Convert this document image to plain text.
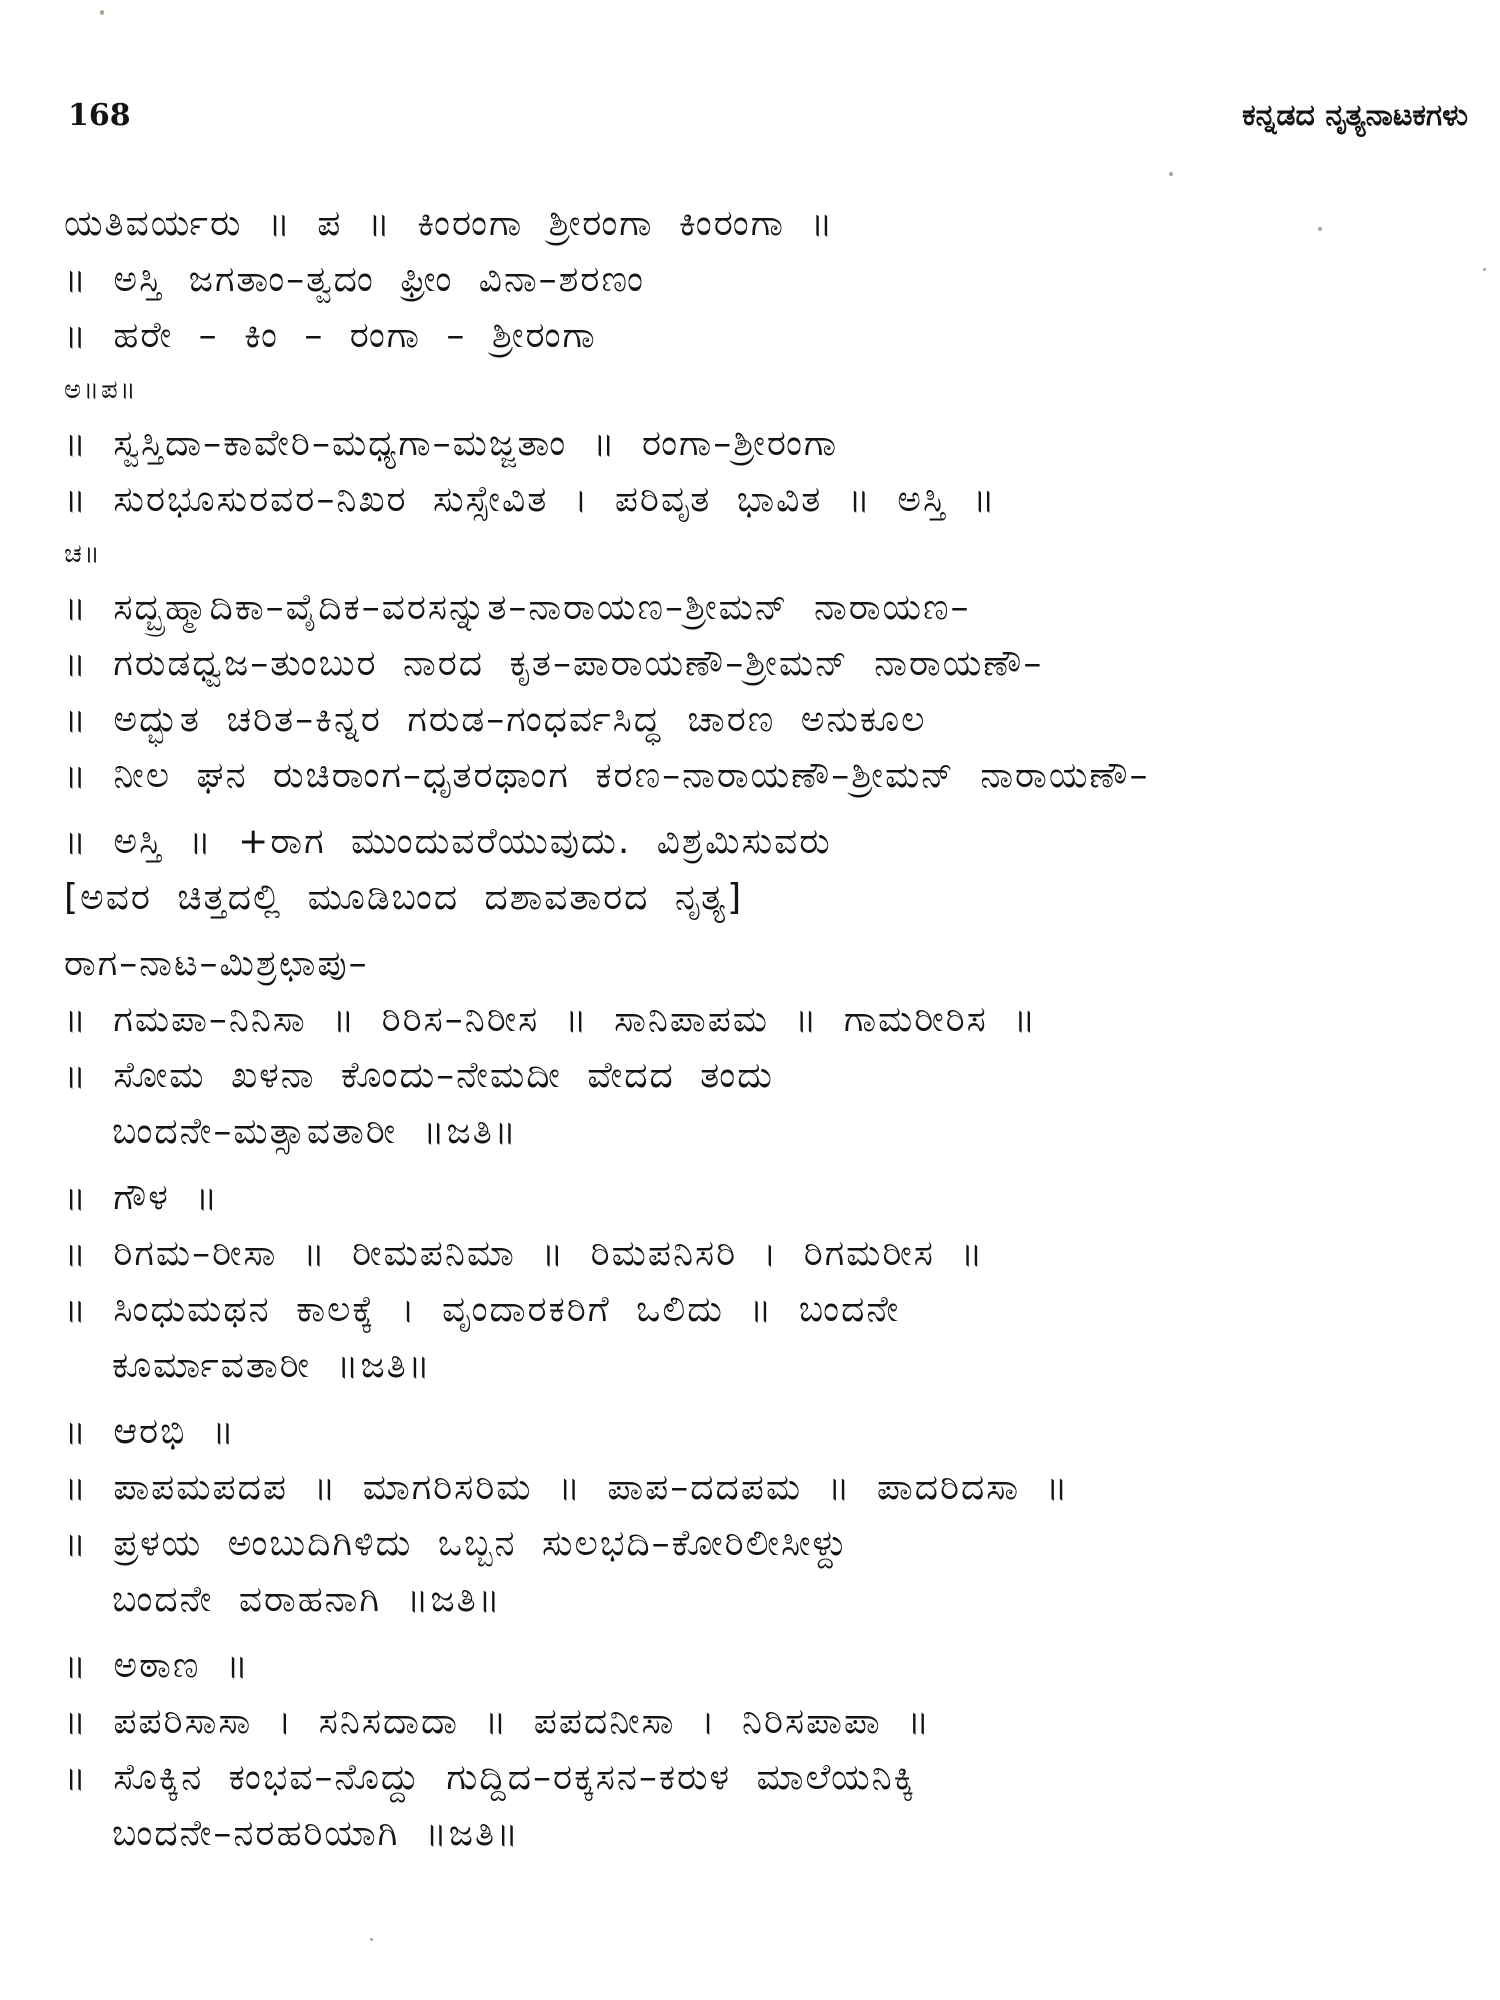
168	ಕನ್ನಡದ ನೃತ್ಯನಾಟಕಗಳು
ಯತಿವರ್ಯರು ॥ ಪ ॥ ಕಿಂರಂಗಾ ಶ್ರೀರಂಗಾ ಕಿಂರಂಗಾ ॥
॥ ಅಸ್ತಿ ಜಗತಾಂ–ತ್ವದಂ ಫ್ರೀಂ ವಿನಾ–ಶರಣಂ
॥ ಹರೇ – ಕಿಂ – ರಂಗಾ – ಶ್ರೀರಂಗಾ
ಅ॥ಪ॥
॥ ಸ್ವಸ್ತಿದಾ–ಕಾವೇರಿ–ಮಧ್ಯಗಾ–ಮಜ್ಜತಾಂ ॥ ರಂಗಾ–ಶ್ರೀರಂಗಾ
॥ ಸುರಭೂಸುರವರ–ನಿಖರ ಸುಸ್ಸೇವಿತ । ಪರಿವೃತ ಭಾವಿತ ॥ ಅಸ್ತಿ ॥
ಚ॥
॥ ಸದ್ಬ್ರಹ್ಮಾದಿಕಾ–ವೈದಿಕ–ವರಸನ್ನುತ–ನಾರಾಯಣ–ಶ್ರೀಮನ್ ನಾರಾಯಣ–
॥ ಗರುಡಧ್ವಜ–ತುಂಬುರ ನಾರದ ಕೃತ–ಪಾರಾಯಣೌ–ಶ್ರೀಮನ್ ನಾರಾಯಣೌ–
॥ ಅದ್ಭುತ ಚರಿತ–ಕಿನ್ನರ ಗರುಡ–ಗಂಧರ್ವಸಿದ್ಧ ಚಾರಣ ಅನುಕೂಲ
॥ ನೀಲ ಘನ ರುಚಿರಾಂಗ–ಧೃತರಥಾಂಗ ಕರಣ–ನಾರಾಯಣೌ–ಶ್ರೀಮನ್ ನಾರಾಯಣೌ–
॥ ಅಸ್ತಿ ॥ +ರಾಗ ಮುಂದುವರೆಯುವುದು. ವಿಶ್ರಮಿಸುವರು
[ಅವರ ಚಿತ್ತದಲ್ಲಿ ಮೂಡಿಬಂದ ದಶಾವತಾರದ ನೃತ್ಯ]
ರಾಗ–ನಾಟ–ಮಿಶ್ರಛಾಪು–
॥ ಗಮಪಾ–ನಿನಿಸಾ ॥ ರಿರಿಸ–ನಿರೀಸ ॥ ಸಾನಿಪಾಪಮ ॥ ಗಾಮರೀರಿಸ ॥
॥ ಸೋಮ ಖಳನಾ ಕೊಂದು–ನೇಮದೀ ವೇದದ ತಂದು
ಬಂದನೇ–ಮತ್ಸಾವತಾರೀ ॥ಜತಿ॥
॥ ಗೌಳ ॥
॥ ರಿಗಮ–ರೀಸಾ ॥ ರೀಮಪನಿಮಾ ॥ ರಿಮಪನಿಸರಿ । ರಿಗಮರೀಸ ॥
॥ ಸಿಂಧುಮಥನ ಕಾಲಕ್ಕೆ । ವೃಂದಾರಕರಿಗೆ ಒಲಿದು ॥ ಬಂದನೇ
ಕೂರ್ಮಾವತಾರೀ ॥ಜತಿ॥
॥ ಆರಭಿ ॥
॥ ಪಾಪಮಪದಪ ॥ ಮಾಗರಿಸರಿಮ ॥ ಪಾಪ–ದದಪಮ ॥ ಪಾದರಿದಸಾ ॥
॥ ಪ್ರಳಯ ಅಂಬುದಿಗಿಳಿದು ಒಬ್ಬನ ಸುಲಭದಿ–ಕೋರಿಲೀಸೀಳ್ದು
ಬಂದನೇ ವರಾಹನಾಗಿ ॥ಜತಿ॥
॥ ಅಠಾಣ ॥
॥ ಪಪರಿಸಾಸಾ । ಸನಿಸದಾದಾ ॥ ಪಪದನೀಸಾ । ನಿರಿಸಪಾಪಾ ॥
॥ ಸೊಕ್ಕಿನ ಕಂಭವ–ನೊದ್ದು ಗುದ್ದಿದ–ರಕ್ಕಸನ–ಕರುಳ ಮಾಲೆಯನಿಕ್ಕಿ
ಬಂದನೇ–ನರಹರಿಯಾಗಿ ॥ಜತಿ॥
